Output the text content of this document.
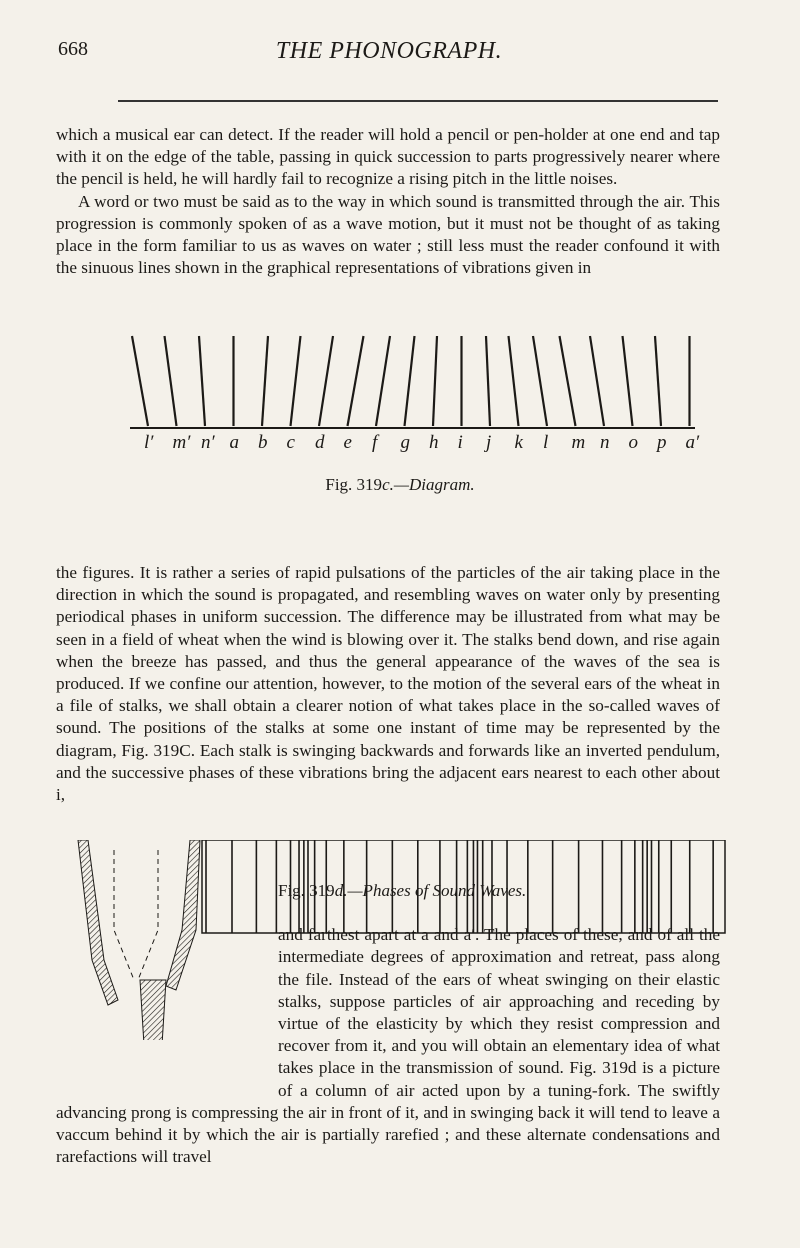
668	THE PHONOGRAPH.

which a musical ear can detect. If the reader will hold a pencil or pen-holder at one end and tap with it on the edge of the table, passing in quick succession to parts progressively nearer where the pencil is held, he will hardly fail to recognize a rising pitch in the little noises.
A word or two must be said as to the way in which sound is transmitted through the air. This progression is commonly spoken of as a wave motion, but it must not be thought of as taking place in the form familiar to us as waves on water ; still less must the reader confound it with the sinuous lines shown in the graphical representations of vibrations given in

l′ m′ n′ a b c d e f g h i j k l m n o p a′
Fig. 319c.—Diagram.

the figures. It is rather a series of rapid pulsations of the particles of the air taking place in the direction in which the sound is propagated, and resembling waves on water only by presenting periodical phases in uniform succession. The difference may be illustrated from what may be seen in a field of wheat when the wind is blowing over it. The stalks bend down, and rise again when the breeze has passed, and thus the general appearance of the waves of the sea is produced. If we confine our attention, however, to the motion of the several ears of the wheat in a file of stalks, we shall obtain a clearer notion of what takes place in the so-called waves of sound. The positions of the stalks at some one instant of time may be represented by the diagram, Fig. 319C. Each stalk is swinging backwards and forwards like an inverted pendulum, and the successive phases of these vibrations bring the adjacent ears nearest to each other about i,

Fig. 319d.—Phases of Sound Waves.
and farthest apart at a and a′. The places of these, and of all the intermediate degrees of approximation and retreat, pass along the file. Instead of the ears of wheat swinging on their elastic stalks, suppose particles of air approaching and receding by virtue of the elasticity by which they resist compression and recover from it, and you will obtain an elementary idea of what takes place in the transmission of sound. Fig. 319d is a picture of a column of air acted upon by a tuning-fork. The swiftly advancing prong is compressing the air in front of it, and in swinging back it will tend to leave a vaccum behind it by which the air is partially rarefied ; and these alternate condensations and rarefactions will travel
